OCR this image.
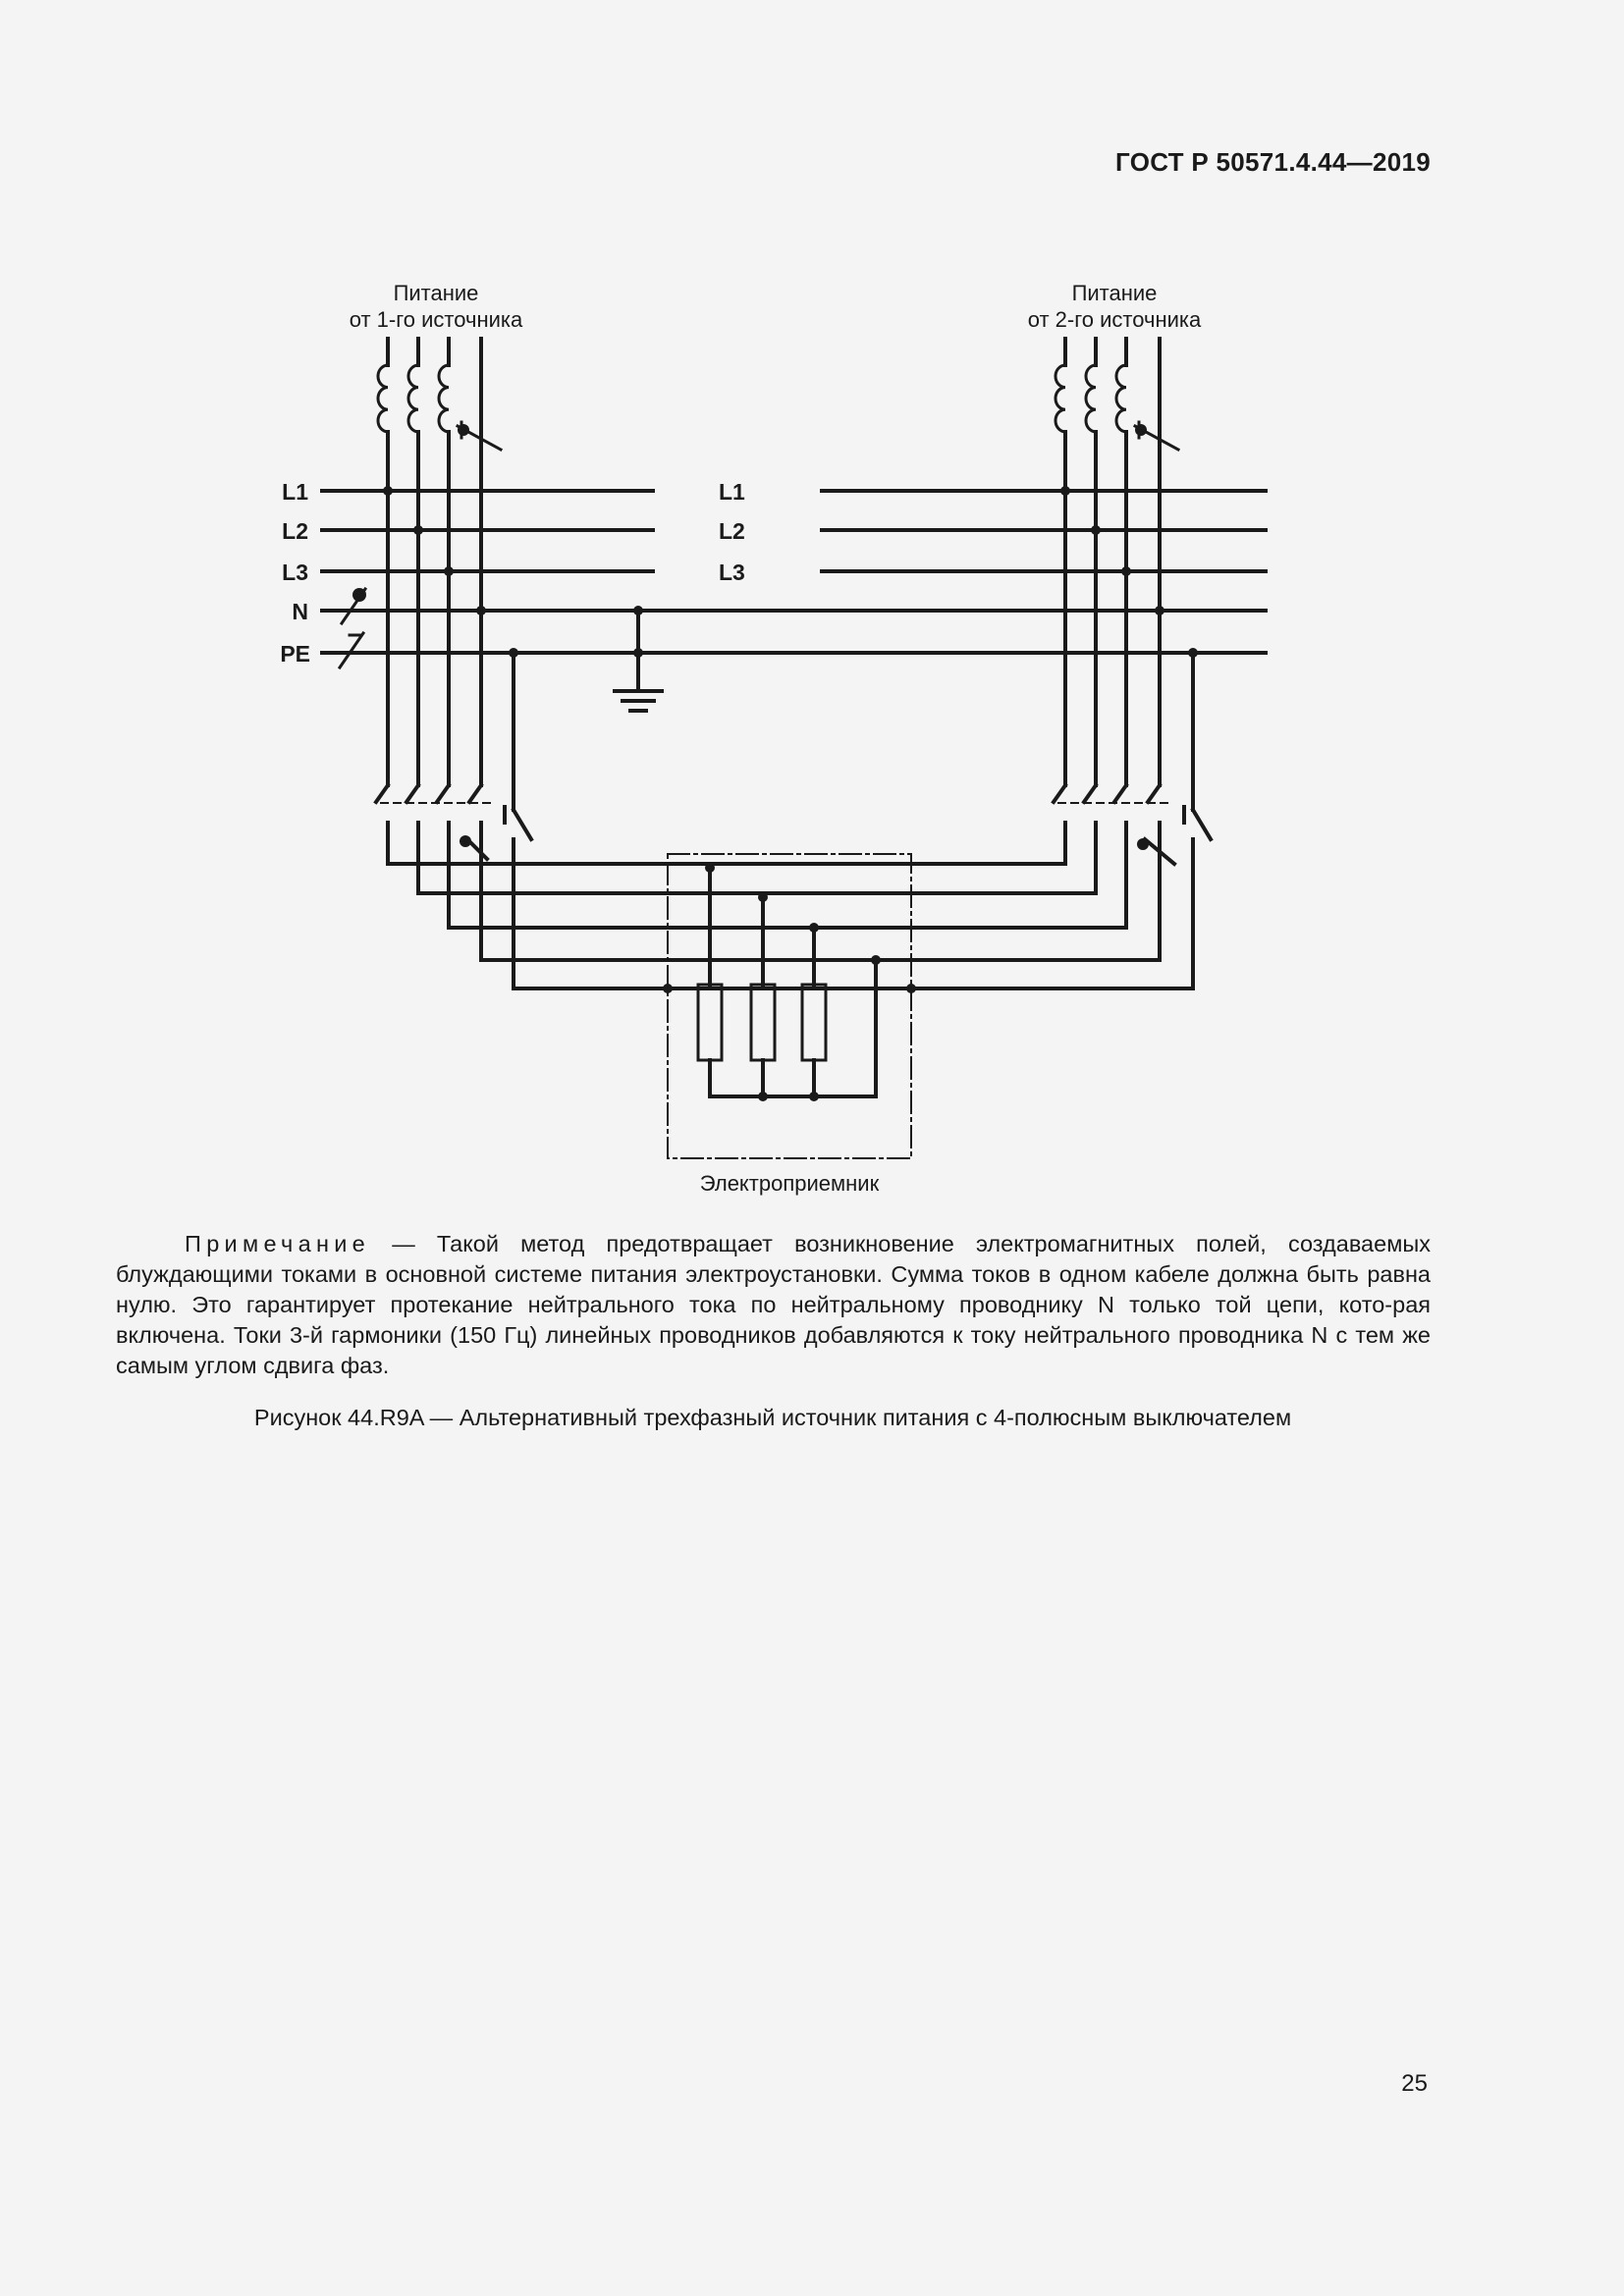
ГОСТ Р 50571.4.44—2019
Питание
от 1-го источника
Питание
от 2-го источника
L1
L2
L3
N
PE
L1
L2
L3
Электроприемник
Примечание — Такой метод предотвращает возникновение электромагнитных полей, создаваемых блуждающими токами в основной системе питания электроустановки. Сумма токов в одном кабеле должна быть равна нулю. Это гарантирует протекание нейтрального тока по нейтральному проводнику N только той цепи, кото-рая включена. Токи 3-й гармоники (150 Гц) линейных проводников добавляются к току нейтрального проводника N с тем же самым углом сдвига фаз.
Рисунок 44.R9A — Альтернативный трехфазный источник питания с 4-полюсным выключателем
25
